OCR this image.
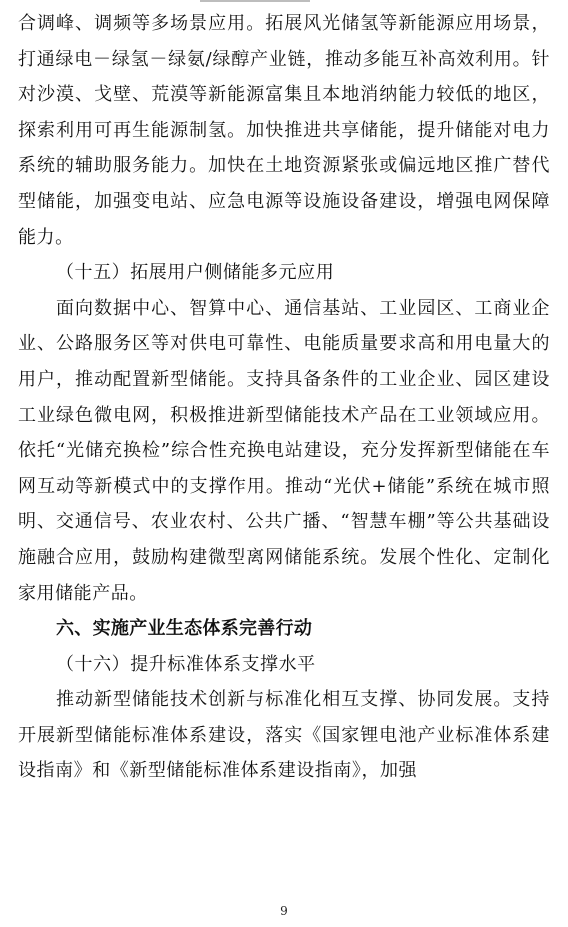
合调峰、调频等多场景应用。拓展风光储氢等新能源应用场景，打通绿电－绿氢－绿氨/绿醇产业链，推动多能互补高效利用。针对沙漠、戈壁、荒漠等新能源富集且本地消纳能力较低的地区，探索利用可再生能源制氢。加快推进共享储能，提升储能对电力系统的辅助服务能力。加快在土地资源紧张或偏远地区推广替代型储能，加强变电站、应急电源等设施设备建设，增强电网保障能力。

（十五）拓展用户侧储能多元应用

面向数据中心、智算中心、通信基站、工业园区、工商业企业、公路服务区等对供电可靠性、电能质量要求高和用电量大的用户，推动配置新型储能。支持具备条件的工业企业、园区建设工业绿色微电网，积极推进新型储能技术产品在工业领域应用。依托“光储充换检”综合性充换电站建设，充分发挥新型储能在车网互动等新模式中的支撑作用。推动“光伏+储能”系统在城市照明、交通信号、农业农村、公共广播、“智慧车棚”等公共基础设施融合应用，鼓励构建微型离网储能系统。发展个性化、定制化家用储能产品。

六、实施产业生态体系完善行动

（十六）提升标准体系支撑水平

推动新型储能技术创新与标准化相互支撑、协同发展。支持开展新型储能标准体系建设，落实《国家锂电池产业标准体系建设指南》和《新型储能标准体系建设指南》，加强

9
